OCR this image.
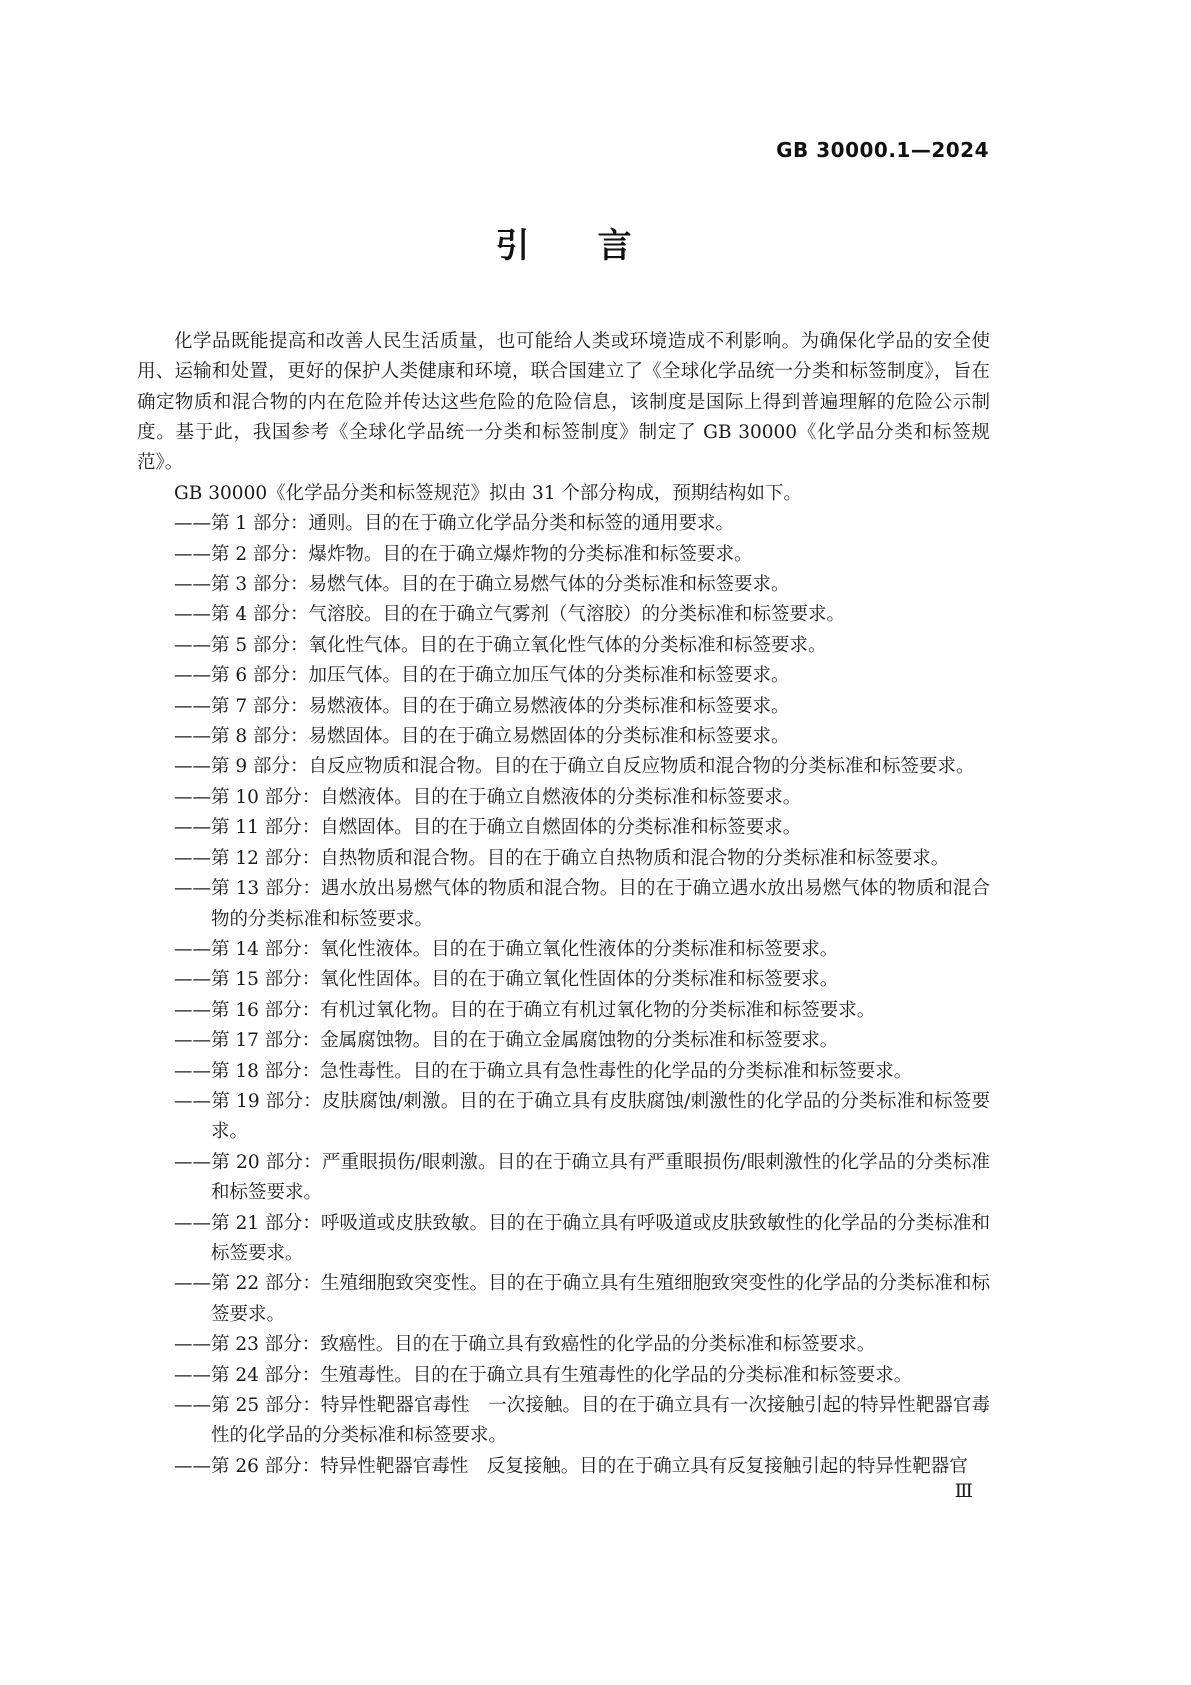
GB 30000.1—2024
引　　言
化学品既能提高和改善人民生活质量，也可能给人类或环境造成不利影响。为确保化学品的安全使用、运输和处置，更好的保护人类健康和环境，联合国建立了《全球化学品统一分类和标签制度》，旨在确定物质和混合物的内在危险并传达这些危险的危险信息，该制度是国际上得到普遍理解的危险公示制度。基于此，我国参考《全球化学品统一分类和标签制度》制定了 GB 30000《化学品分类和标签规范》。
GB 30000《化学品分类和标签规范》拟由 31 个部分构成，预期结构如下。
——第 1 部分：通则。目的在于确立化学品分类和标签的通用要求。
——第 2 部分：爆炸物。目的在于确立爆炸物的分类标准和标签要求。
——第 3 部分：易燃气体。目的在于确立易燃气体的分类标准和标签要求。
——第 4 部分：气溶胶。目的在于确立气雾剂（气溶胶）的分类标准和标签要求。
——第 5 部分：氧化性气体。目的在于确立氧化性气体的分类标准和标签要求。
——第 6 部分：加压气体。目的在于确立加压气体的分类标准和标签要求。
——第 7 部分：易燃液体。目的在于确立易燃液体的分类标准和标签要求。
——第 8 部分：易燃固体。目的在于确立易燃固体的分类标准和标签要求。
——第 9 部分：自反应物质和混合物。目的在于确立自反应物质和混合物的分类标准和标签要求。
——第 10 部分：自燃液体。目的在于确立自燃液体的分类标准和标签要求。
——第 11 部分：自燃固体。目的在于确立自燃固体的分类标准和标签要求。
——第 12 部分：自热物质和混合物。目的在于确立自热物质和混合物的分类标准和标签要求。
——第 13 部分：遇水放出易燃气体的物质和混合物。目的在于确立遇水放出易燃气体的物质和混合物的分类标准和标签要求。
——第 14 部分：氧化性液体。目的在于确立氧化性液体的分类标准和标签要求。
——第 15 部分：氧化性固体。目的在于确立氧化性固体的分类标准和标签要求。
——第 16 部分：有机过氧化物。目的在于确立有机过氧化物的分类标准和标签要求。
——第 17 部分：金属腐蚀物。目的在于确立金属腐蚀物的分类标准和标签要求。
——第 18 部分：急性毒性。目的在于确立具有急性毒性的化学品的分类标准和标签要求。
——第 19 部分：皮肤腐蚀/刺激。目的在于确立具有皮肤腐蚀/刺激性的化学品的分类标准和标签要求。
——第 20 部分：严重眼损伤/眼刺激。目的在于确立具有严重眼损伤/眼刺激性的化学品的分类标准和标签要求。
——第 21 部分：呼吸道或皮肤致敏。目的在于确立具有呼吸道或皮肤致敏性的化学品的分类标准和标签要求。
——第 22 部分：生殖细胞致突变性。目的在于确立具有生殖细胞致突变性的化学品的分类标准和标签要求。
——第 23 部分：致癌性。目的在于确立具有致癌性的化学品的分类标准和标签要求。
——第 24 部分：生殖毒性。目的在于确立具有生殖毒性的化学品的分类标准和标签要求。
——第 25 部分：特异性靶器官毒性　一次接触。目的在于确立具有一次接触引起的特异性靶器官毒性的化学品的分类标准和标签要求。
——第 26 部分：特异性靶器官毒性　反复接触。目的在于确立具有反复接触引起的特异性靶器官
Ⅲ
